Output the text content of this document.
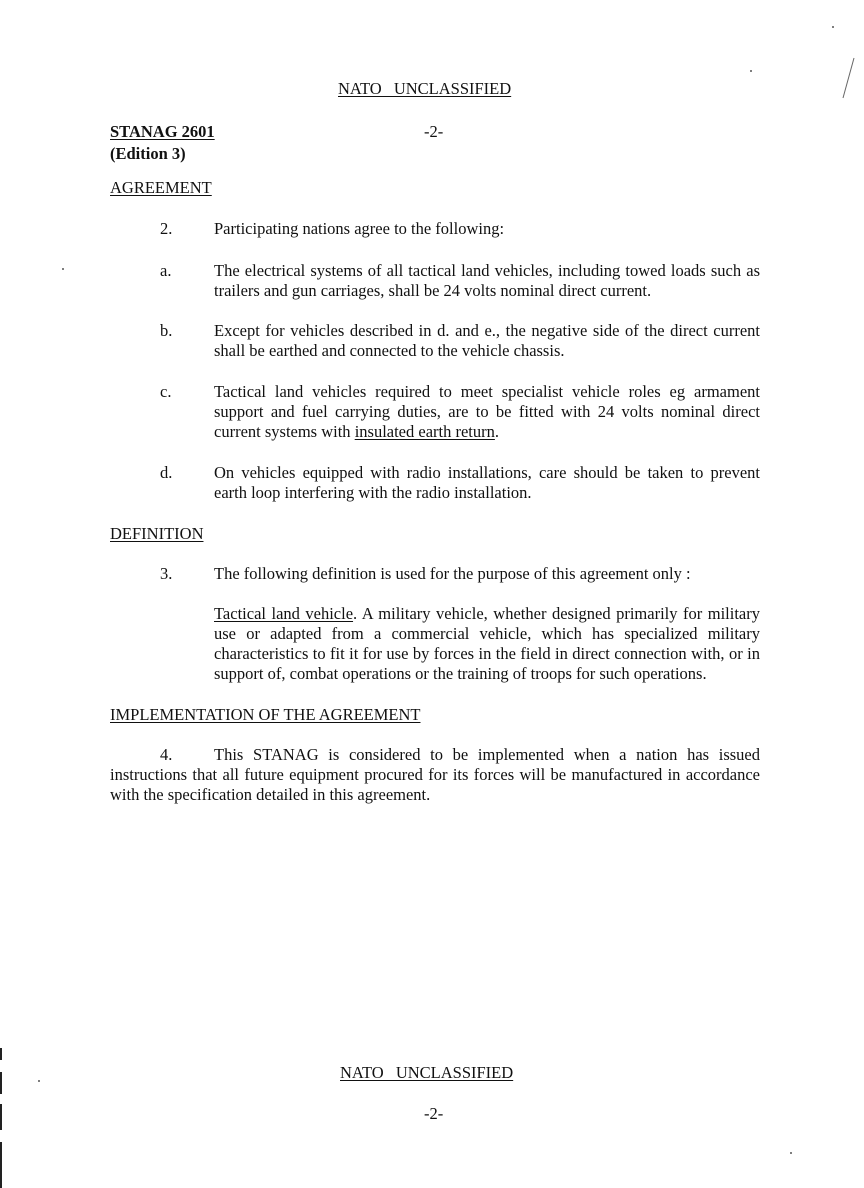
NATO UNCLASSIFIED
STANAG 2601
(Edition 3)
-2-
AGREEMENT
2.	Participating nations agree to the following:
a.	The electrical systems of all tactical land vehicles, including towed loads such as trailers and gun carriages, shall be 24 volts nominal direct current.
b.	Except for vehicles described in d. and e., the negative side of the direct current shall be earthed and connected to the vehicle chassis.
c.	Tactical land vehicles required to meet specialist vehicle roles eg armament support and fuel carrying duties, are to be fitted with 24 volts nominal direct current systems with insulated earth return.
d.	On vehicles equipped with radio installations, care should be taken to prevent earth loop interfering with the radio installation.
DEFINITION
3.	The following definition is used for the purpose of this agreement only :
Tactical land vehicle. A military vehicle, whether designed primarily for military use or adapted from a commercial vehicle, which has specialized military characteristics to fit it for use by forces in the field in direct connection with, or in support of, combat operations or the training of troops for such operations.
IMPLEMENTATION OF THE AGREEMENT
4.	This STANAG is considered to be implemented when a nation has issued instructions that all future equipment procured for its forces will be manufactured in accordance with the specification detailed in this agreement.
NATO UNCLASSIFIED
-2-
